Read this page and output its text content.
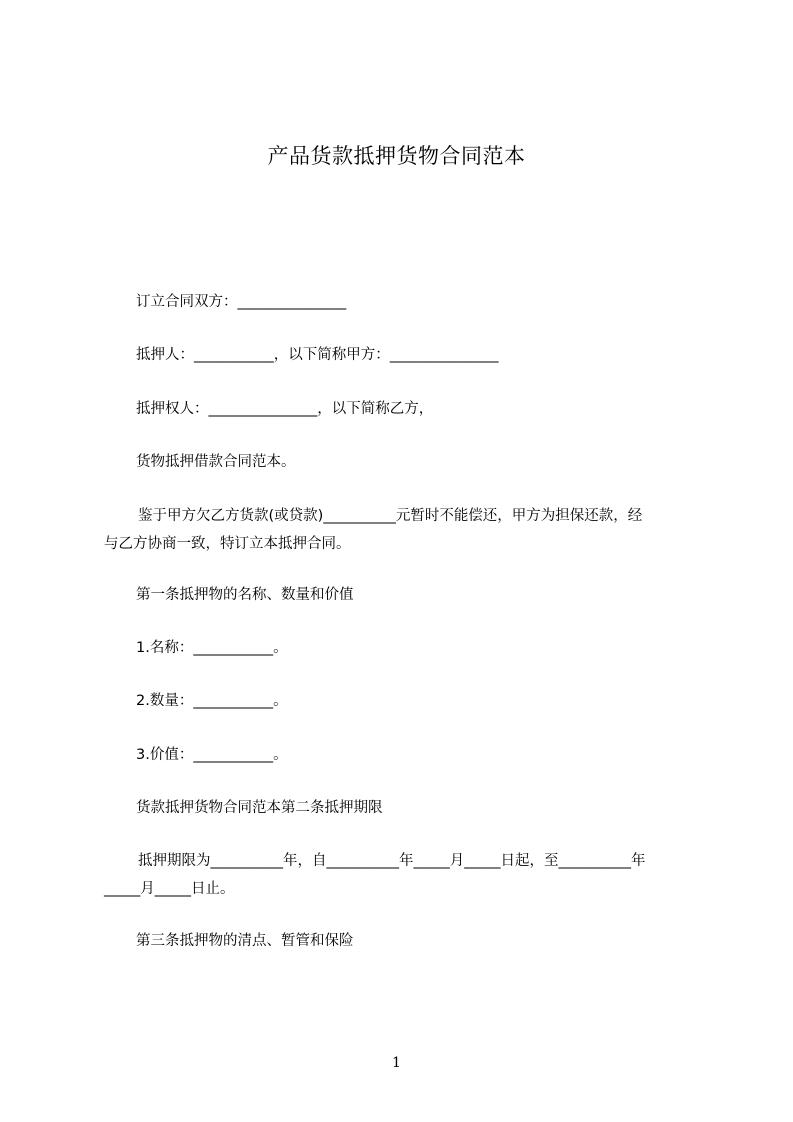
产品货款抵押货物合同范本
订立合同双方：_______________
抵押人：___________，以下简称甲方：_______________
抵押权人：_______________，以下简称乙方，
货物抵押借款合同范本。
鉴于甲方欠乙方货款(或贷款)__________元暂时不能偿还，甲方为担保还款，经
与乙方协商一致，特订立本抵押合同。
第一条抵押物的名称、数量和价值
1.名称：___________。
2.数量：___________。
3.价值：___________。
货款抵押货物合同范本第二条抵押期限
抵押期限为__________年，自__________年_____月_____日起，至__________年
_____月_____日止。
第三条抵押物的清点、暂管和保险
1
